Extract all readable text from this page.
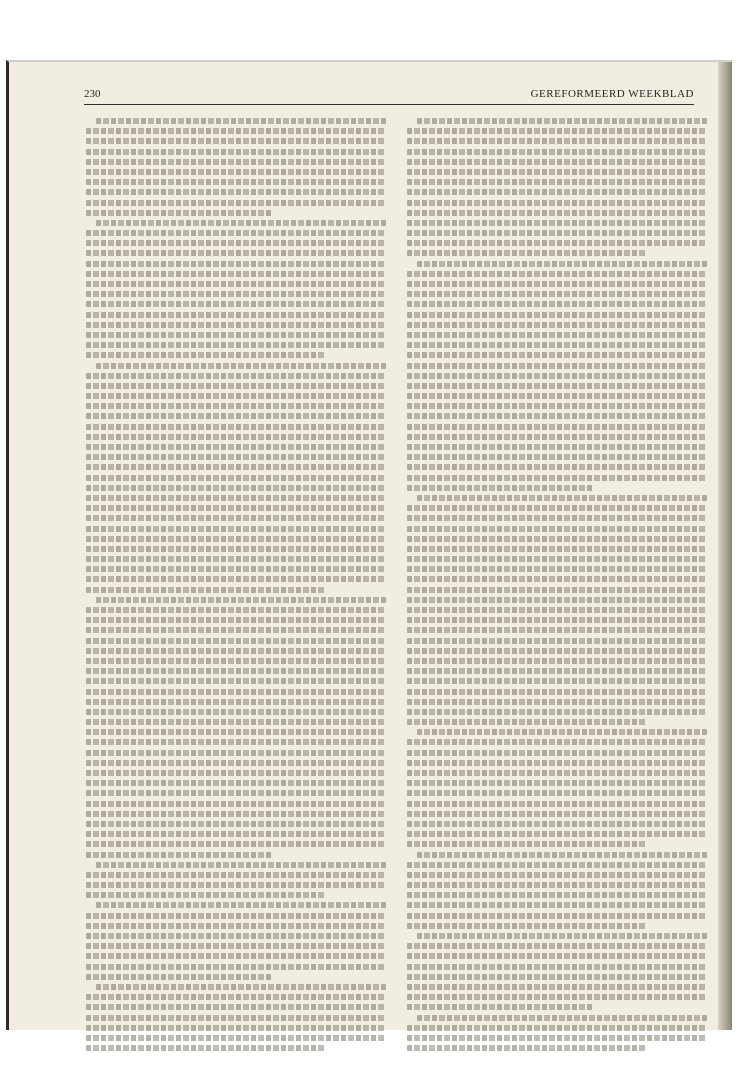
230	GEREFORMEERD WEEKBLAD
